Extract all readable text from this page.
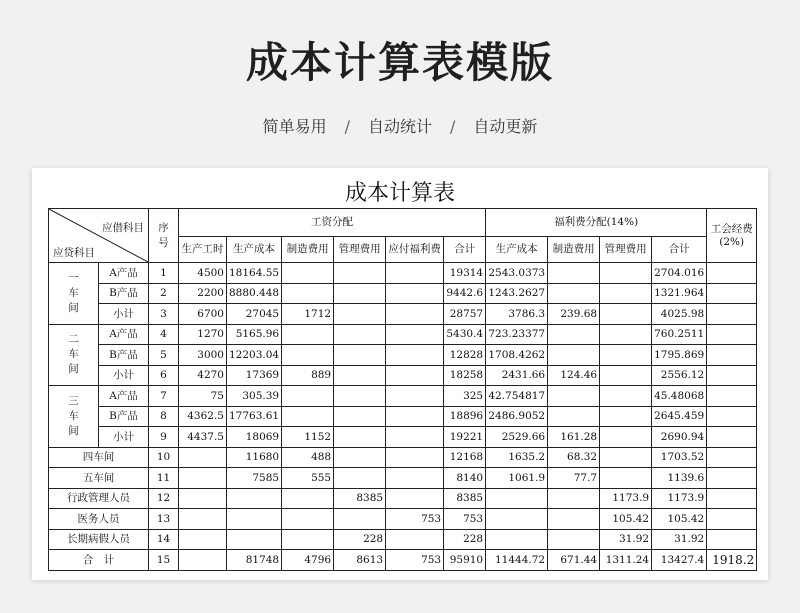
成本计算表模版
简单易用 / 自动统计 / 自动更新
成本计算表
应借科目
应贷科目		序号	工资分配						福利费分配(14%)				工会经费(2%)
			生产工时	生产成本	制造费用	管理费用	应付福利费	合计	生产成本	制造费用	管理费用	合计	
一车间	A产品	1	4500	18164.55				19314	2543.0373			2704.016	
	B产品	2	2200	8880.448				9442.6	1243.2627			1321.964	
	小计	3	6700	27045	1712			28757	3786.3	239.68		4025.98	
二车间	A产品	4	1270	5165.96				5430.4	723.23377			760.2511	
	B产品	5	3000	12203.04				12828	1708.4262			1795.869	
	小计	6	4270	17369	889			18258	2431.66	124.46		2556.12	
三车间	A产品	7	75	305.39				325	42.754817			45.48068	
	B产品	8	4362.5	17763.61				18896	2486.9052			2645.459	
	小计	9	4437.5	18069	1152			19221	2529.66	161.28		2690.94	
四车间		10		11680	488			12168	1635.2	68.32		1703.52	
五车间		11		7585	555			8140	1061.9	77.7		1139.6	
行政管理人员		12				8385		8385			1173.9	1173.9	
医务人员		13					753	753			105.42	105.42	
长期病假人员		14				228		228			31.92	31.92	
合　计		15		81748	4796	8613	753	95910	11444.72	671.44	1311.24	13427.4	1918.2
